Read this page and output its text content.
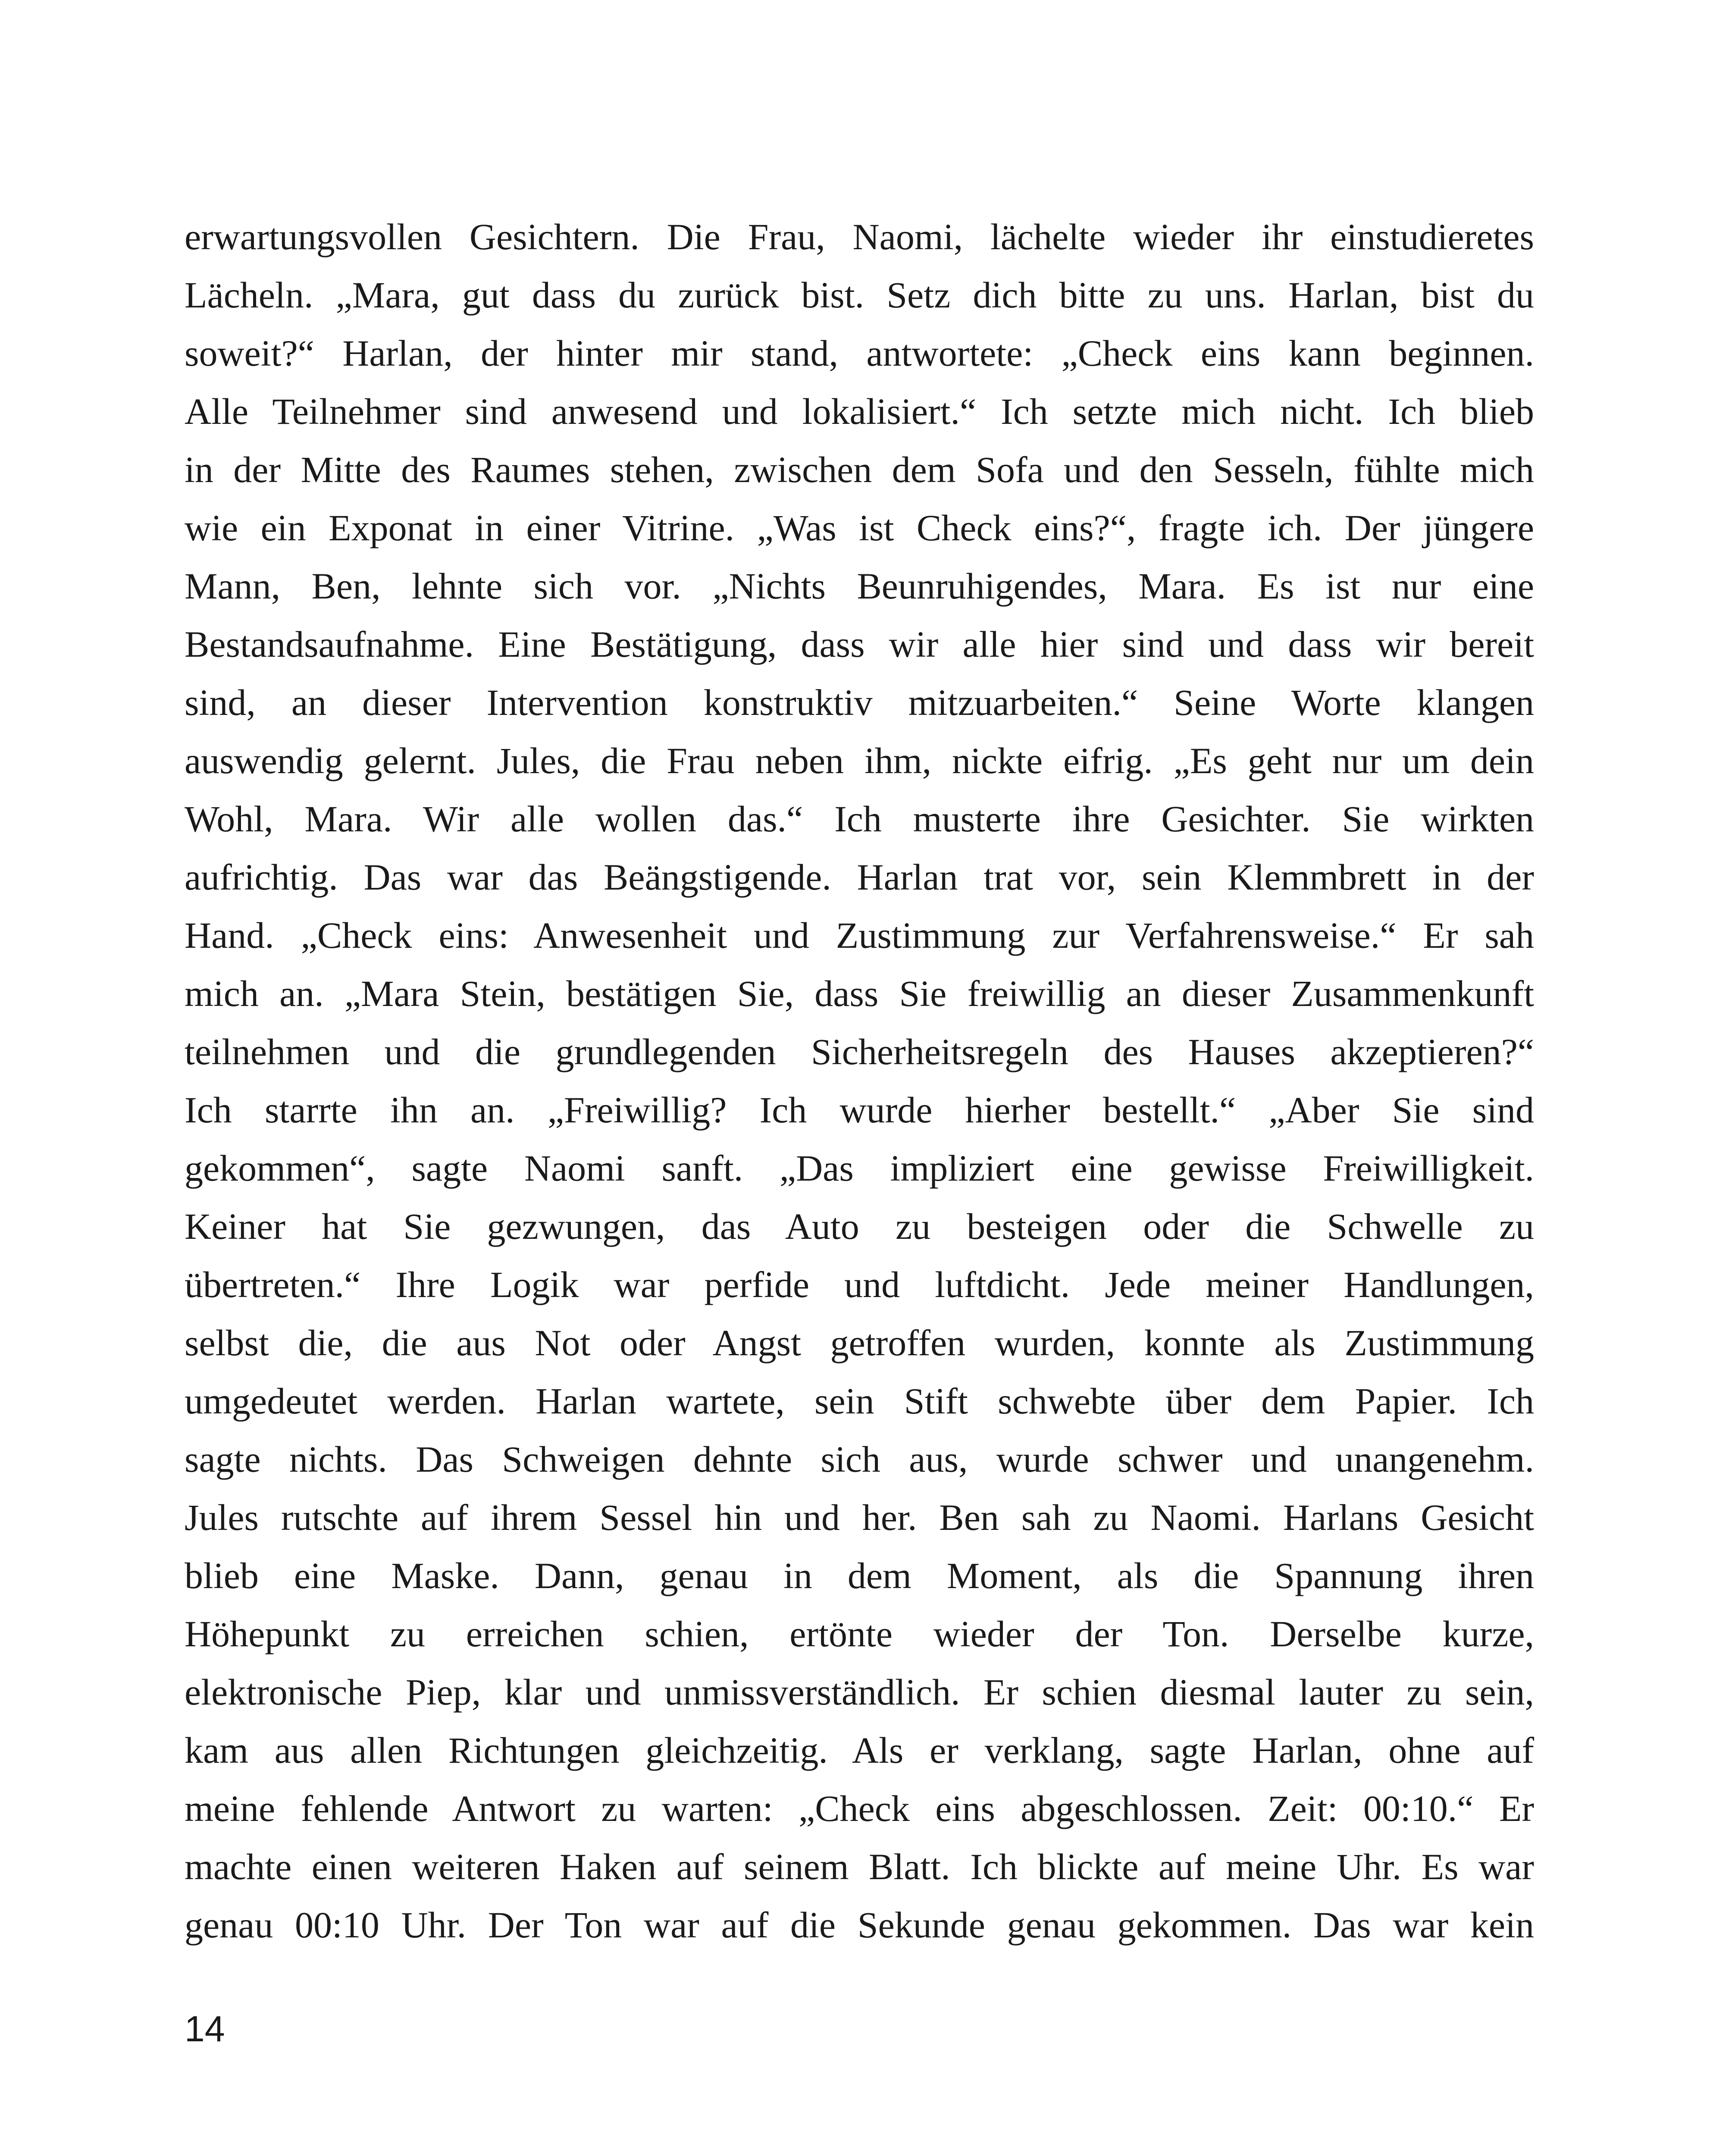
erwartungsvollen Gesichtern. Die Frau, Naomi, lächelte wieder ihr einstudieretes
Lächeln. „Mara, gut dass du zurück bist. Setz dich bitte zu uns. Harlan, bist du
soweit?“ Harlan, der hinter mir stand, antwortete: „Check eins kann beginnen.
Alle Teilnehmer sind anwesend und lokalisiert.“ Ich setzte mich nicht. Ich blieb
in der Mitte des Raumes stehen, zwischen dem Sofa und den Sesseln, fühlte mich
wie ein Exponat in einer Vitrine. „Was ist Check eins?“, fragte ich. Der jüngere
Mann, Ben, lehnte sich vor. „Nichts Beunruhigendes, Mara. Es ist nur eine
Bestandsaufnahme. Eine Bestätigung, dass wir alle hier sind und dass wir bereit
sind, an dieser Intervention konstruktiv mitzuarbeiten.“ Seine Worte klangen
auswendig gelernt. Jules, die Frau neben ihm, nickte eifrig. „Es geht nur um dein
Wohl, Mara. Wir alle wollen das.“ Ich musterte ihre Gesichter. Sie wirkten
aufrichtig. Das war das Beängstigende. Harlan trat vor, sein Klemmbrett in der
Hand. „Check eins: Anwesenheit und Zustimmung zur Verfahrensweise.“ Er sah
mich an. „Mara Stein, bestätigen Sie, dass Sie freiwillig an dieser Zusammenkunft
teilnehmen und die grundlegenden Sicherheitsregeln des Hauses akzeptieren?“
Ich starrte ihn an. „Freiwillig? Ich wurde hierher bestellt.“ „Aber Sie sind
gekommen“, sagte Naomi sanft. „Das impliziert eine gewisse Freiwilligkeit.
Keiner hat Sie gezwungen, das Auto zu besteigen oder die Schwelle zu
übertreten.“ Ihre Logik war perfide und luftdicht. Jede meiner Handlungen,
selbst die, die aus Not oder Angst getroffen wurden, konnte als Zustimmung
umgedeutet werden. Harlan wartete, sein Stift schwebte über dem Papier. Ich
sagte nichts. Das Schweigen dehnte sich aus, wurde schwer und unangenehm.
Jules rutschte auf ihrem Sessel hin und her. Ben sah zu Naomi. Harlans Gesicht
blieb eine Maske. Dann, genau in dem Moment, als die Spannung ihren
Höhepunkt zu erreichen schien, ertönte wieder der Ton. Derselbe kurze,
elektronische Piep, klar und unmissverständlich. Er schien diesmal lauter zu sein,
kam aus allen Richtungen gleichzeitig. Als er verklang, sagte Harlan, ohne auf
meine fehlende Antwort zu warten: „Check eins abgeschlossen. Zeit: 00:10.“ Er
machte einen weiteren Haken auf seinem Blatt. Ich blickte auf meine Uhr. Es war
genau 00:10 Uhr. Der Ton war auf die Sekunde genau gekommen. Das war kein
14
